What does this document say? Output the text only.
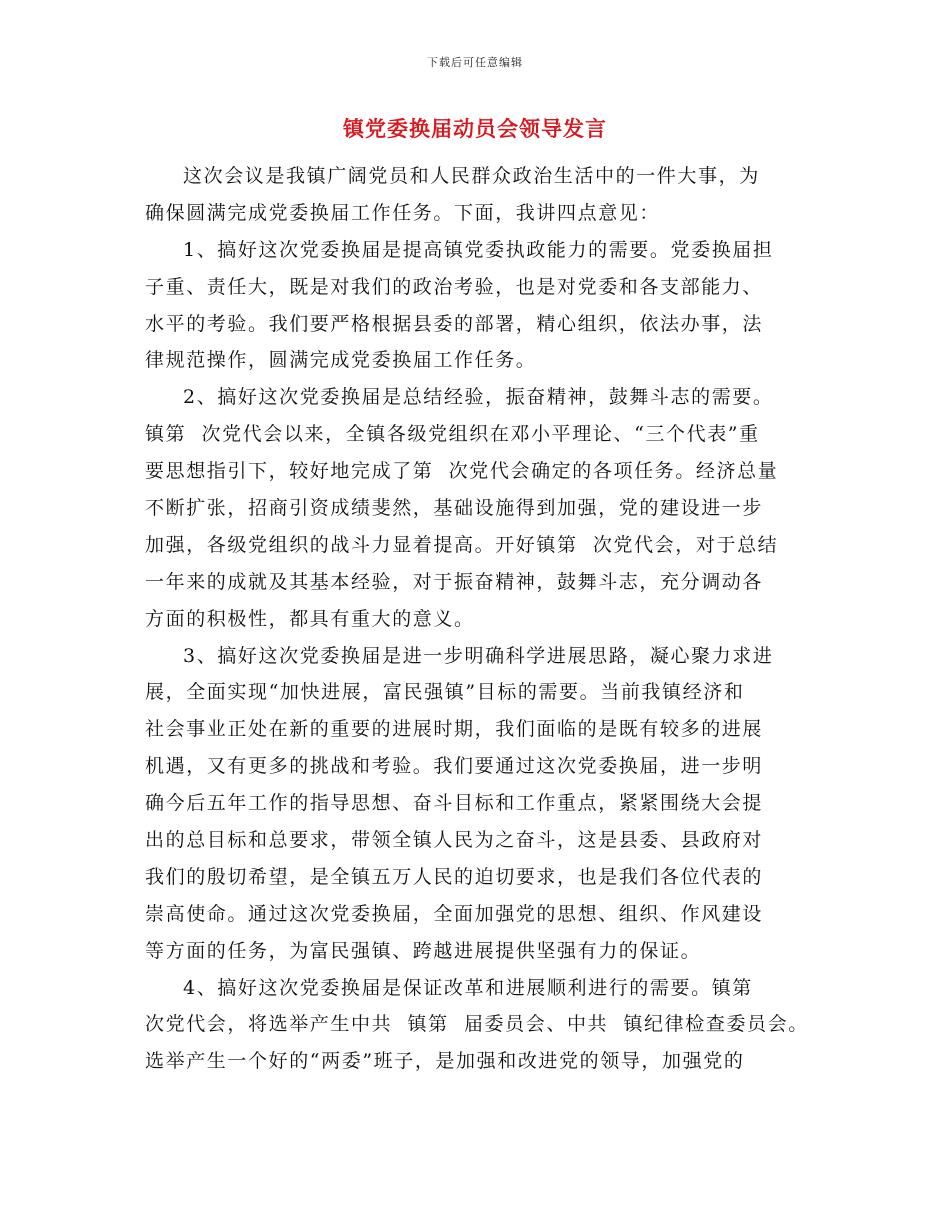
下载后可任意编辑
镇党委换届动员会领导发言
这次会议是我镇广阔党员和人民群众政治生活中的一件大事，为
确保圆满完成党委换届工作任务。下面，我讲四点意见：
1、搞好这次党委换届是提高镇党委执政能力的需要。党委换届担
子重、责任大，既是对我们的政治考验，也是对党委和各支部能力、
水平的考验。我们要严格根据县委的部署，精心组织，依法办事，法
律规范操作，圆满完成党委换届工作任务。
2、搞好这次党委换届是总结经验，振奋精神，鼓舞斗志的需要。
镇第  次党代会以来，全镇各级党组织在邓小平理论、“三个代表”重
要思想指引下，较好地完成了第  次党代会确定的各项任务。经济总量
不断扩张，招商引资成绩斐然，基础设施得到加强，党的建设进一步
加强，各级党组织的战斗力显着提高。开好镇第  次党代会，对于总结
一年来的成就及其基本经验，对于振奋精神，鼓舞斗志，充分调动各
方面的积极性，都具有重大的意义。
3、搞好这次党委换届是进一步明确科学进展思路，凝心聚力求进
展，全面实现“加快进展，富民强镇”目标的需要。当前我镇经济和
社会事业正处在新的重要的进展时期，我们面临的是既有较多的进展
机遇，又有更多的挑战和考验。我们要通过这次党委换届，进一步明
确今后五年工作的指导思想、奋斗目标和工作重点，紧紧围绕大会提
出的总目标和总要求，带领全镇人民为之奋斗，这是县委、县政府对
我们的殷切希望，是全镇五万人民的迫切要求，也是我们各位代表的
崇高使命。通过这次党委换届，全面加强党的思想、组织、作风建设
等方面的任务，为富民强镇、跨越进展提供坚强有力的保证。
4、搞好这次党委换届是保证改革和进展顺利进行的需要。镇第
次党代会，将选举产生中共  镇第  届委员会、中共  镇纪律检查委员会。
选举产生一个好的“两委”班子，是加强和改进党的领导，加强党的
